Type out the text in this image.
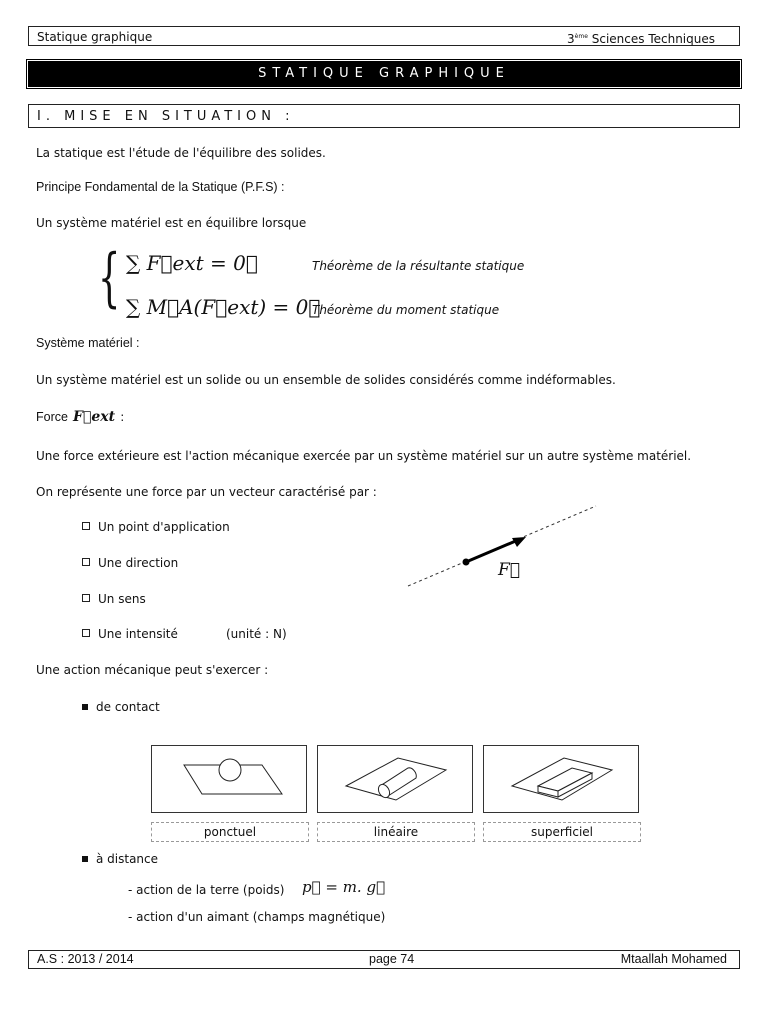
Statique graphique	3ème Sciences Techniques
STATIQUE GRAPHIQUE
I. MISE EN SITUATION :
La statique est l'étude de l'équilibre des solides.
Principe Fondamental de la Statique (P.F.S) :
Un système matériel est en équilibre lorsque
{ ∑ F⃗ext = 0⃗	Théorème de la résultante statique
∑ M⃗A(F⃗ext) = 0⃗
Théorème du moment statique
Système matériel :
Un système matériel est un solide ou un ensemble de solides considérés comme indéformables.
Force F⃗ext :
Une force extérieure est l'action mécanique exercée par un système matériel sur un autre système matériel.
On représente une force par un vecteur caractérisé par :
Un point d'application
Une direction
Un sens
Une intensité	(unité : N)
F⃗
Une action mécanique peut s'exercer :
de contact
ponctuel	linéaire	superficiel
à distance
- action de la terre (poids) p⃗ = m. g⃗
- action d'un aimant (champs magnétique)
A.S : 2013 / 2014	page 74	Mtaallah Mohamed
